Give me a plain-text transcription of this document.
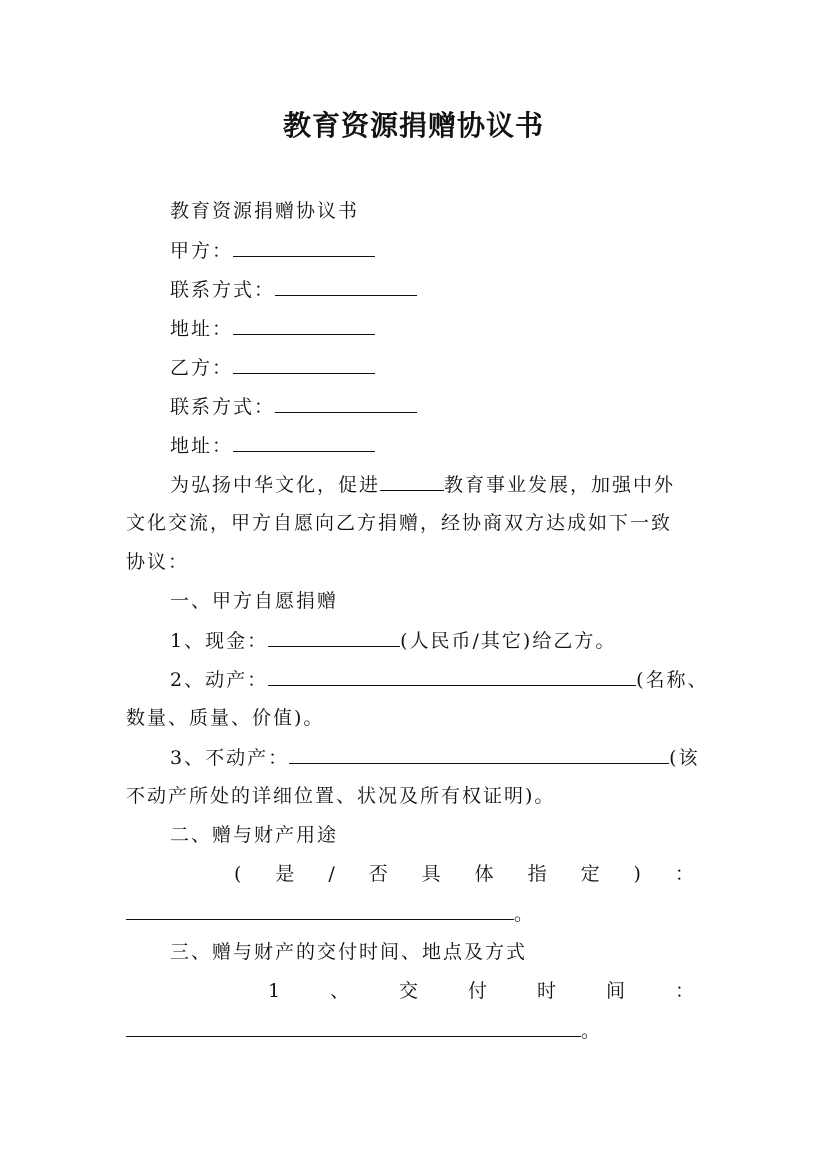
教育资源捐赠协议书
教育资源捐赠协议书
甲方：
联系方式：
地址：
乙方：
联系方式：
地址：
为弘扬中华文化，促进	教育事业发展，加强中外
文化交流，甲方自愿向乙方捐赠，经协商双方达成如下一致
协议：
一、甲方自愿捐赠
1、现金：	(人民币/其它)给乙方。
2、动产：	(名称、
数量、质量、价值)。
3、不动产：	(该
不动产所处的详细位置、状况及所有权证明)。
二、赠与财产用途
( 是 / 否 具 体 指 定 ) ：
。
三、赠与财产的交付时间、地点及方式
1	、	交	付	时	间	：
。
